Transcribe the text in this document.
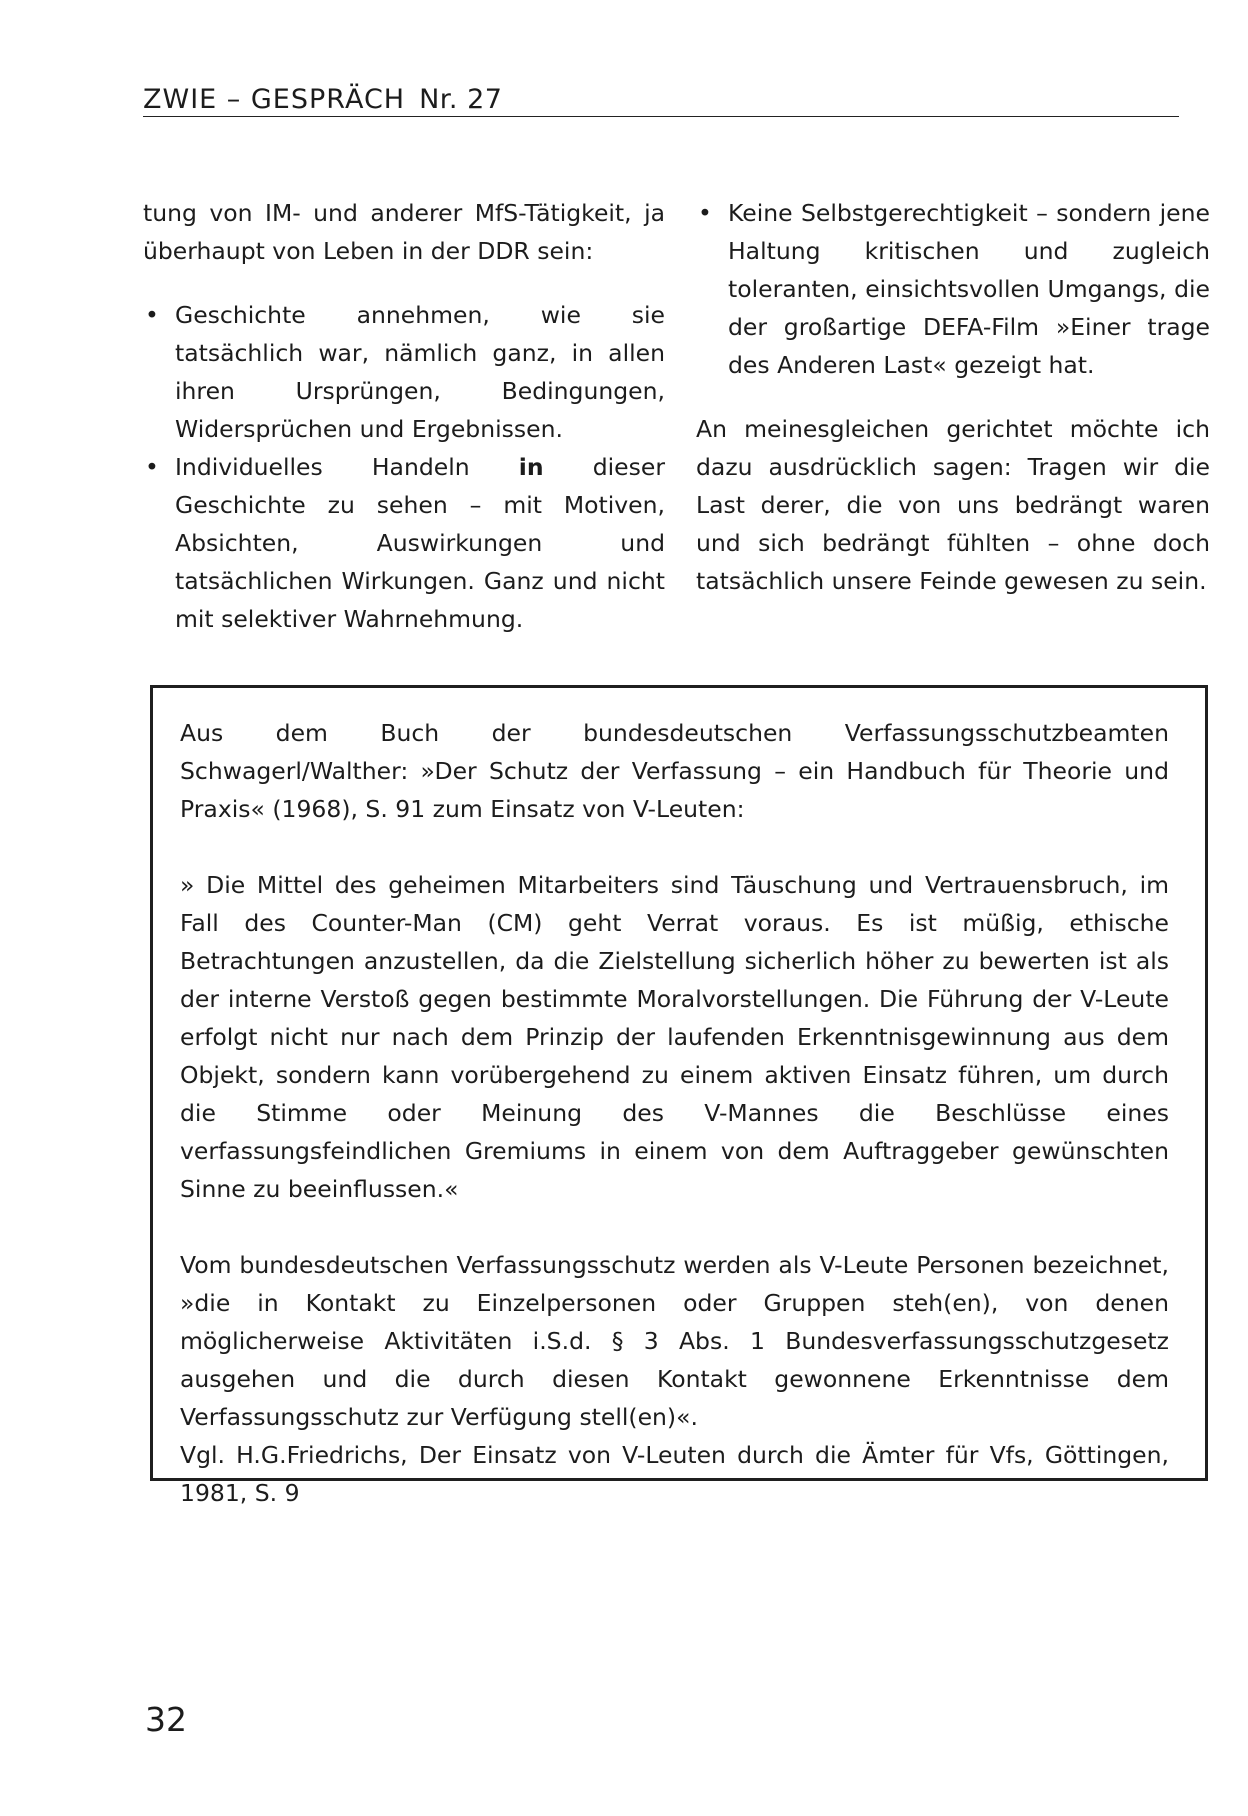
ZWIE – GESPRÄCH Nr. 27

tung von IM- und anderer MfS-Tätigkeit, ja überhaupt von Leben in der DDR sein:

• Geschichte annehmen, wie sie tatsächlich war, nämlich ganz, in allen ihren Ursprüngen, Bedingungen, Widersprüchen und Ergebnissen.
• Individuelles Handeln in dieser Geschichte zu sehen – mit Motiven, Absichten, Auswirkungen und tatsächlichen Wirkungen. Ganz und nicht mit selektiver Wahrnehmung.
• Keine Selbstgerechtigkeit – sondern jene Haltung kritischen und zugleich toleranten, einsichtsvollen Umgangs, die der großartige DEFA-Film »Einer trage des Anderen Last« gezeigt hat.

An meinesgleichen gerichtet möchte ich dazu ausdrücklich sagen: Tragen wir die Last derer, die von uns bedrängt waren und sich bedrängt fühlten – ohne doch tatsächlich unsere Feinde gewesen zu sein.

Aus dem Buch der bundesdeutschen Verfassungsschutzbeamten Schwagerl/Walther: »Der Schutz der Verfassung – ein Handbuch für Theorie und Praxis« (1968), S. 91 zum Einsatz von V-Leuten:

» Die Mittel des geheimen Mitarbeiters sind Täuschung und Vertrauensbruch, im Fall des Counter-Man (CM) geht Verrat voraus. Es ist müßig, ethische Betrachtungen anzustellen, da die Zielstellung sicherlich höher zu bewerten ist als der interne Verstoß gegen bestimmte Moralvorstellungen. Die Führung der V-Leute erfolgt nicht nur nach dem Prinzip der laufenden Erkenntnisgewinnung aus dem Objekt, sondern kann vorübergehend zu einem aktiven Einsatz führen, um durch die Stimme oder Meinung des V-Mannes die Beschlüsse eines verfassungsfeindlichen Gremiums in einem von dem Auftraggeber gewünschten Sinne zu beeinflussen.«

Vom bundesdeutschen Verfassungsschutz werden als V-Leute Personen bezeichnet, »die in Kontakt zu Einzelpersonen oder Gruppen steh(en), von denen möglicherweise Aktivitäten i.S.d. § 3 Abs. 1 Bundesverfassungsschutzgesetz ausgehen und die durch diesen Kontakt gewonnene Erkenntnisse dem Verfassungsschutz zur Verfügung stell(en)«.

Vgl. H.G.Friedrichs, Der Einsatz von V-Leuten durch die Ämter für Vfs, Göttingen, 1981, S. 9

32
